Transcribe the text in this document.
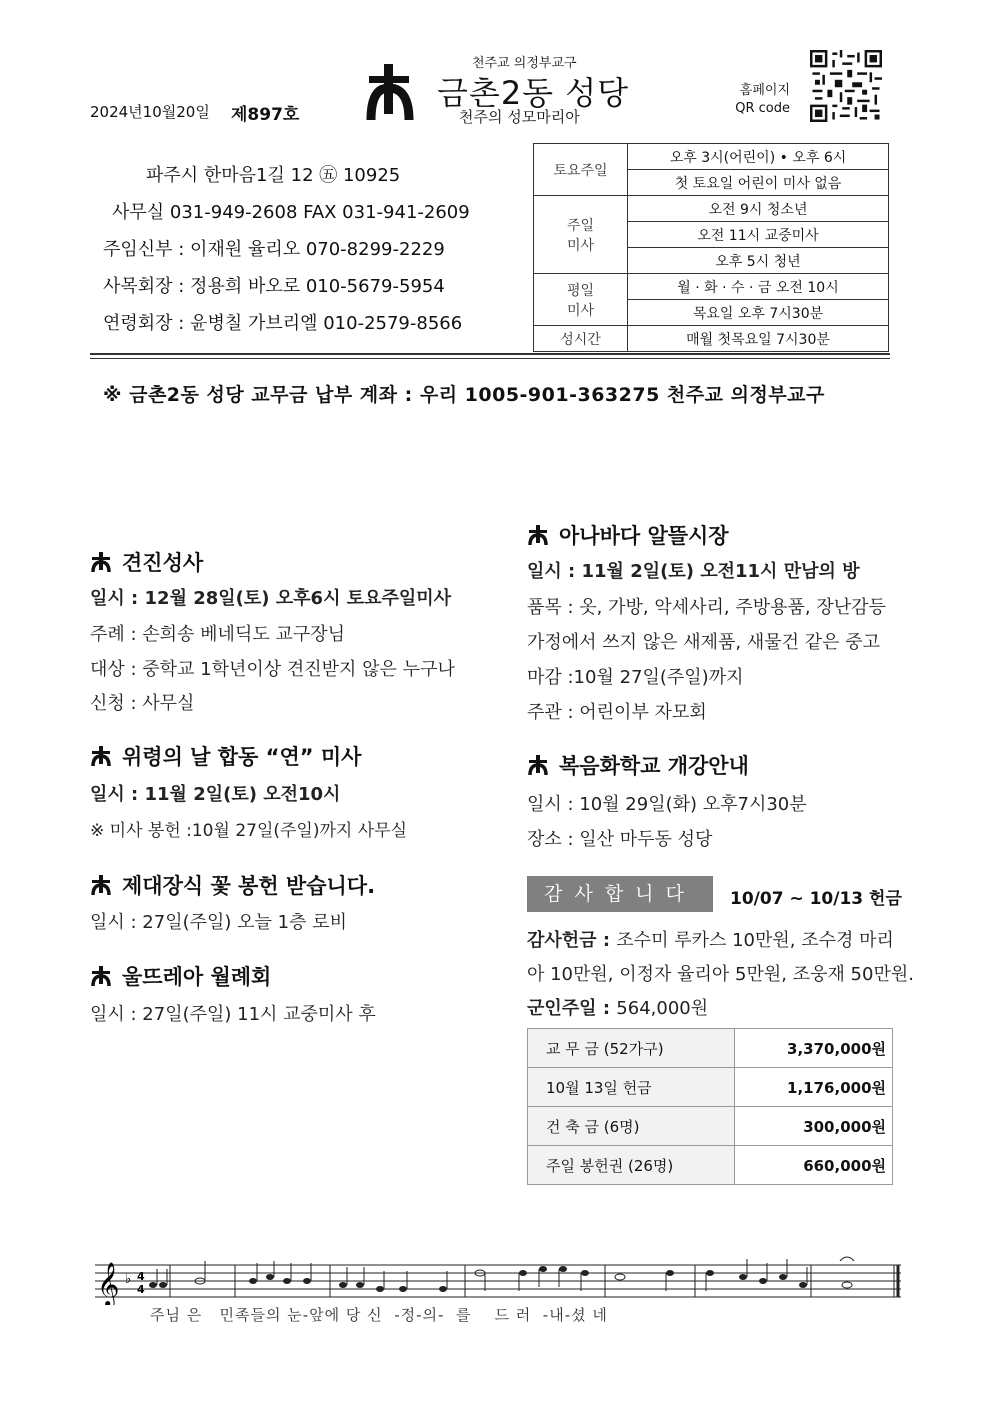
천주교 의정부교구
금촌2동 성당
천주의 성모마리아
2024년10월20일 제897호
홈페이지
QR code
파주시 한마음1길 12 ㊄ 10925
사무실 031-949-2608 FAX 031-941-2609
주임신부 : 이재원 율리오 070-8299-2229
사목회장 : 정용희 바오로 010-5679-5954
연령회장 : 윤병칠 가브리엘 010-2579-8566
토요주일	오후 3시(어린이) • 오후 6시
	첫 토요일 어린이 미사 없음

주일
미사	오전 9시 청소년
	오전 11시 교중미사
	오후 5시 청년

평일
미사	월 · 화 · 수 · 금 오전 10시
	목요일 오후 7시30분
성시간	매월 첫목요일 7시30분
※ 금촌2동 성당 교무금 납부 계좌 : 우리 1005-901-363275 천주교 의정부교구
견진성사
일시 : 12월 28일(토) 오후6시 토요주일미사
주례 : 손희송 베네딕도 교구장님
대상 : 중학교 1학년이상 견진받지 않은 누구나
신청 : 사무실
위령의 날 합동 “연” 미사
일시 : 11월 2일(토) 오전10시
※ 미사 봉헌 :10월 27일(주일)까지 사무실
제대장식 꽃 봉헌 받습니다.
일시 : 27일(주일) 오늘 1층 로비
울뜨레아 월례회
일시 : 27일(주일) 11시 교중미사 후
아나바다 알뜰시장
일시 : 11월 2일(토) 오전11시 만남의 방
품목 : 옷, 가방, 악세사리, 주방용품, 장난감등
가정에서 쓰지 않은 새제품, 새물건 같은 중고
마감 :10월 27일(주일)까지
주관 : 어린이부 자모회
복음화학교 개강안내
일시 : 10월 29일(화) 오후7시30분
장소 : 일산 마두동 성당
감사합니다	10/07 ~ 10/13 헌금
감사헌금 : 조수미 루카스 10만원, 조수경 마리
아 10만원, 이정자 율리아 5만원, 조웅재 50만원.
군인주일 : 564,000원
교 무 금 (52가구)	3,370,000원
10월 13일 헌금	1,176,000원
건 축 금 (6명)	300,000원
주일 봉헌권 (26명)	660,000원
𝄞 ♭ 4
4
주님 은   민족들의 눈-앞에 당 신  -정-의-  를    드 러  -내-셨 네
